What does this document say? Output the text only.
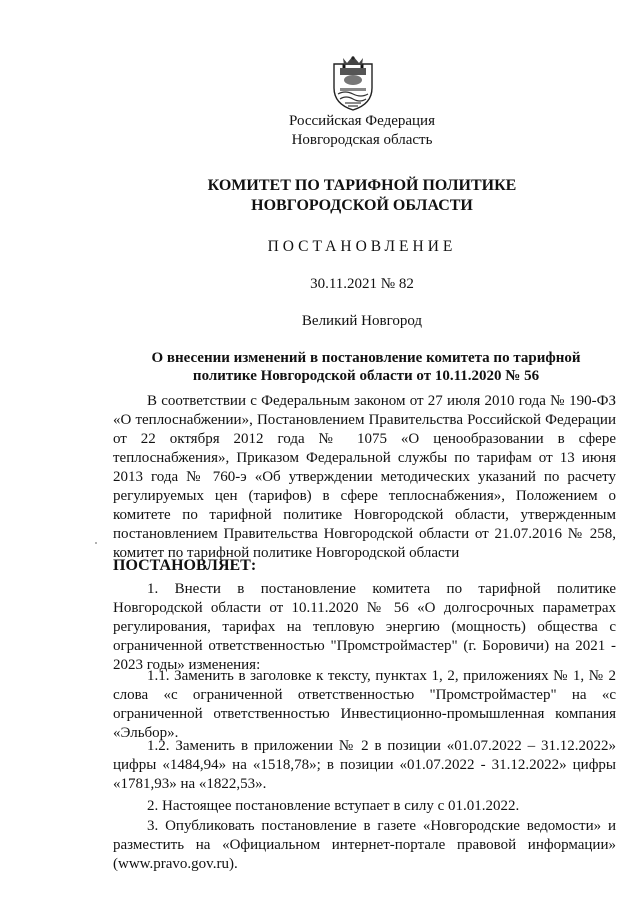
Российская Федерация
Новгородская область
КОМИТЕТ ПО ТАРИФНОЙ ПОЛИТИКЕ НОВГОРОДСКОЙ ОБЛАСТИ
ПОСТАНОВЛЕНИЕ
30.11.2021 № 82
Великий Новгород
О внесении изменений в постановление комитета по тарифной политике Новгородской области от 10.11.2020 № 56
В соответствии с Федеральным законом от 27 июля 2010 года № 190-ФЗ «О теплоснабжении», Постановлением Правительства Российской Федерации от 22 октября 2012 года № 1075 «О ценообразовании в сфере теплоснабжения», Приказом Федеральной службы по тарифам от 13 июня 2013 года № 760-э «Об утверждении методических указаний по расчету регулируемых цен (тарифов) в сфере теплоснабжения», Положением о комитете по тарифной политике Новгородской области, утвержденным постановлением Правительства Новгородской области от 21.07.2016 № 258, комитет по тарифной политике Новгородской области
ПОСТАНОВЛЯЕТ:
1. Внести в постановление комитета по тарифной политике Новгородской области от 10.11.2020 № 56 «О долгосрочных параметрах регулирования, тарифах на тепловую энергию (мощность) общества с ограниченной ответственностью "Промстроймастер" (г. Боровичи) на 2021 - 2023 годы» изменения:
1.1. Заменить в заголовке к тексту, пунктах 1, 2, приложениях № 1, № 2 слова «с ограниченной ответственностью "Промстроймастер" на «с ограниченной ответственностью Инвестиционно-промышленная компания «Эльбор».
1.2. Заменить в приложении № 2 в позиции «01.07.2022 – 31.12.2022» цифры «1484,94» на «1518,78»; в позиции «01.07.2022 - 31.12.2022» цифры «1781,93» на «1822,53».
2. Настоящее постановление вступает в силу с 01.01.2022.
3. Опубликовать постановление в газете «Новгородские ведомости» и разместить на «Официальном интернет-портале правовой информации» (www.pravo.gov.ru).
